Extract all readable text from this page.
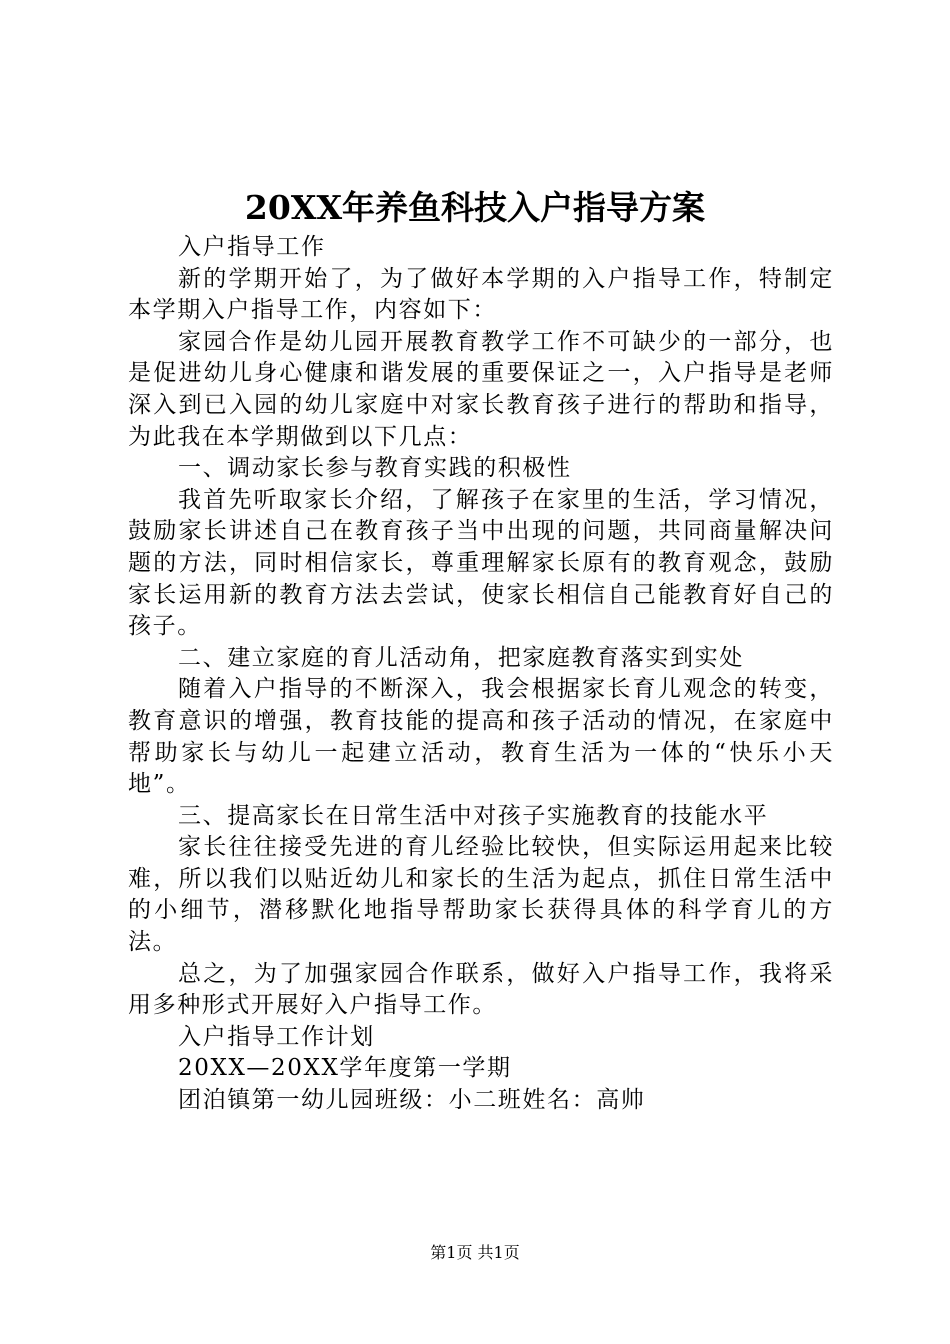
20XX年养鱼科技入户指导方案

入户指导工作

新的学期开始了，为了做好本学期的入户指导工作，特制定本学期入户指导工作，内容如下：

家园合作是幼儿园开展教育教学工作不可缺少的一部分，也是促进幼儿身心健康和谐发展的重要保证之一，入户指导是老师深入到已入园的幼儿家庭中对家长教育孩子进行的帮助和指导，为此我在本学期做到以下几点：

一、调动家长参与教育实践的积极性

我首先听取家长介绍，了解孩子在家里的生活，学习情况，鼓励家长讲述自己在教育孩子当中出现的问题，共同商量解决问题的方法，同时相信家长，尊重理解家长原有的教育观念，鼓励家长运用新的教育方法去尝试，使家长相信自己能教育好自己的孩子。

二、建立家庭的育儿活动角，把家庭教育落实到实处

随着入户指导的不断深入，我会根据家长育儿观念的转变，教育意识的增强，教育技能的提高和孩子活动的情况，在家庭中帮助家长与幼儿一起建立活动，教育生活为一体的“快乐小天地”。

三、提高家长在日常生活中对孩子实施教育的技能水平

家长往往接受先进的育儿经验比较快，但实际运用起来比较难，所以我们以贴近幼儿和家长的生活为起点，抓住日常生活中的小细节，潜移默化地指导帮助家长获得具体的科学育儿的方法。

总之，为了加强家园合作联系，做好入户指导工作，我将采用多种形式开展好入户指导工作。

入户指导工作计划

20XX—20XX学年度第一学期

团泊镇第一幼儿园班级：小二班姓名：高帅

第1页 共1页
